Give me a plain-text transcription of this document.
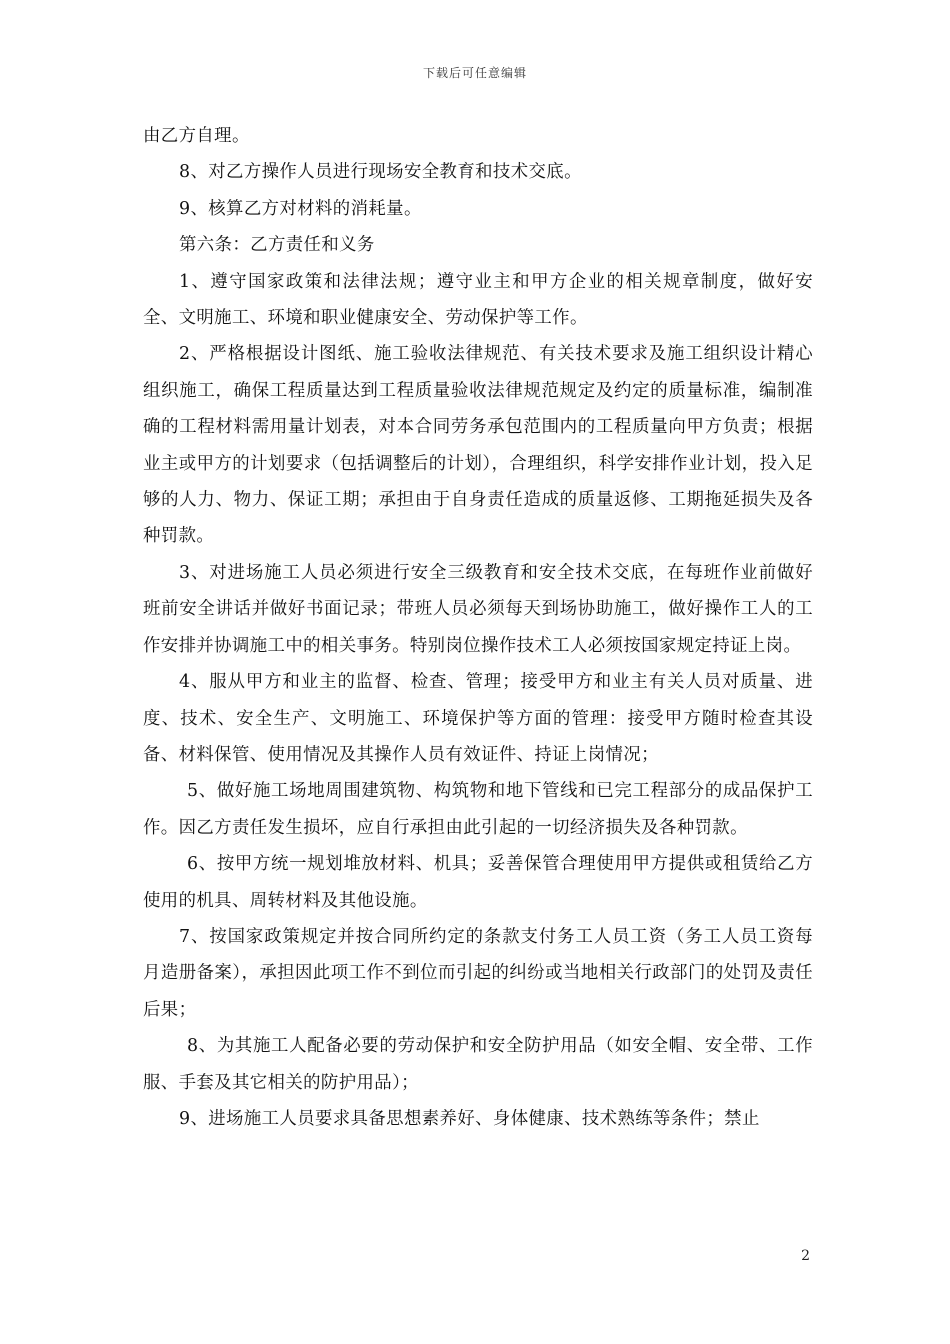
下载后可任意编辑

由乙方自理。

8、对乙方操作人员进行现场安全教育和技术交底。

9、核算乙方对材料的消耗量。

第六条：乙方责任和义务

1、遵守国家政策和法律法规；遵守业主和甲方企业的相关规章制度，做好安全、文明施工、环境和职业健康安全、劳动保护等工作。

2、严格根据设计图纸、施工验收法律规范、有关技术要求及施工组织设计精心组织施工，确保工程质量达到工程质量验收法律规范规定及约定的质量标准，编制准确的工程材料需用量计划表，对本合同劳务承包范围内的工程质量向甲方负责；根据业主或甲方的计划要求（包括调整后的计划），合理组织，科学安排作业计划，投入足够的人力、物力、保证工期；承担由于自身责任造成的质量返修、工期拖延损失及各种罚款。

3、对进场施工人员必须进行安全三级教育和安全技术交底，在每班作业前做好班前安全讲话并做好书面记录；带班人员必须每天到场协助施工，做好操作工人的工作安排并协调施工中的相关事务。特别岗位操作技术工人必须按国家规定持证上岗。

4、服从甲方和业主的监督、检查、管理；接受甲方和业主有关人员对质量、进度、技术、安全生产、文明施工、环境保护等方面的管理：接受甲方随时检查其设备、材料保管、使用情况及其操作人员有效证件、持证上岗情况；

5、做好施工场地周围建筑物、构筑物和地下管线和已完工程部分的成品保护工作。因乙方责任发生损坏，应自行承担由此引起的一切经济损失及各种罚款。

6、按甲方统一规划堆放材料、机具；妥善保管合理使用甲方提供或租赁给乙方使用的机具、周转材料及其他设施。

7、按国家政策规定并按合同所约定的条款支付务工人员工资（务工人员工资每月造册备案），承担因此项工作不到位而引起的纠纷或当地相关行政部门的处罚及责任后果；

8、为其施工人配备必要的劳动保护和安全防护用品（如安全帽、安全带、工作服、手套及其它相关的防护用品）；

9、进场施工人员要求具备思想素养好、身体健康、技术熟练等条件；禁止

2
